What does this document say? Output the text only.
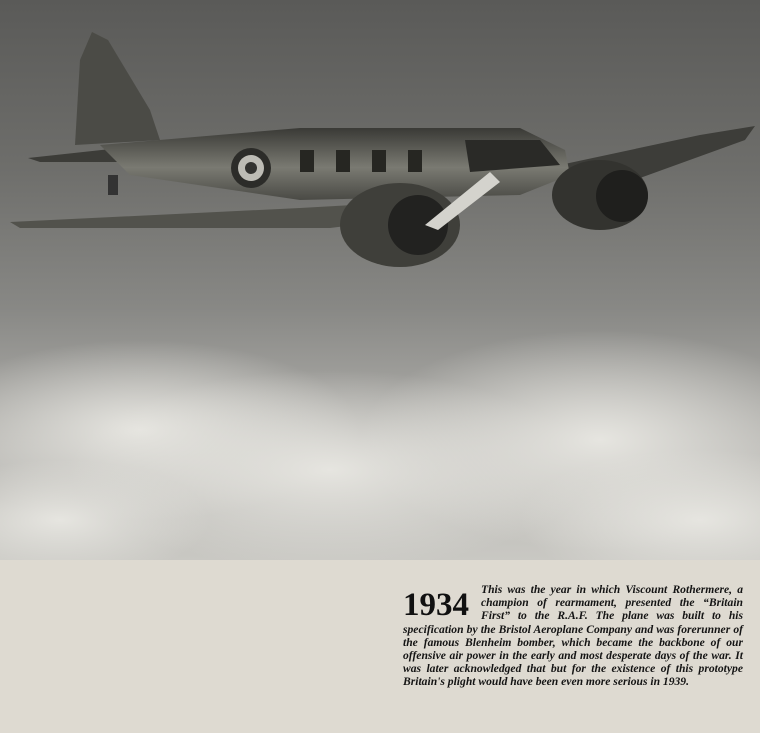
1934 This was the year in which Viscount Rothermere, a champion of rearmament, presented the “Britain First” to the R.A.F. The plane was built to his specification by the Bristol Aeroplane Company and was forerunner of the famous Blenheim bomber, which became the backbone of our offensive air power in the early and most desperate days of the war. It was later acknowledged that but for the existence of this prototype Britain's plight would have been even more serious in 1939.
